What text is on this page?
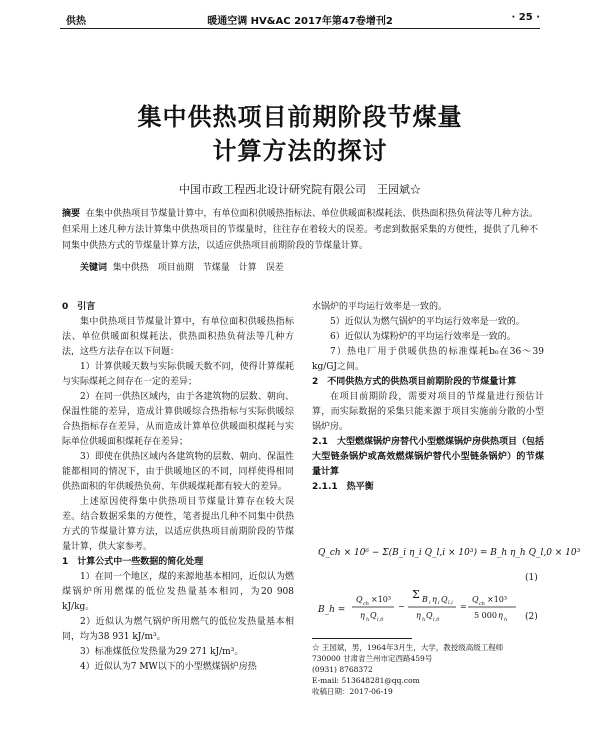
供热	暖通空调 HV&AC 2017年第47卷增刊2	· 25 ·
集中供热项目前期阶段节煤量
计算方法的探讨
中国市政工程西北设计研究院有限公司　王园斌☆
摘要 在集中供热项目节煤量计算中，有单位面积供暖热指标法、单位供暖面积煤耗法、供热面积热负荷法等几种方法。但采用上述几种方法计算集中供热项目的节煤量时，往往存在着较大的误差。考虑到数据采集的方便性，提供了几种不同集中供热方式的节煤量计算方法，以适应供热项目前期阶段的节煤量计算。
关键词 集中供热　项目前期　节煤量　计算　误差

0　引言

集中供热项目节煤量计算中，有单位面积供暖热指标法、单位供暖面积煤耗法、供热面积热负荷法等几种方法，这些方法存在以下问题：

1）计算供暖天数与实际供暖天数不同，使得计算煤耗与实际煤耗之间存在一定的差异；

2）在同一供热区域内，由于各建筑物的层数、朝向、保温性能的差异，造成计算供暖综合热指标与实际供暖综合热指标存在差异，从而造成计算单位供暖面积煤耗与实际单位供暖面积煤耗存在差异；

3）即使在供热区域内各建筑物的层数、朝向、保温性能都相同的情况下，由于供暖地区的不同，同样使得相同供热面积的年供暖热负荷、年供暖煤耗都有较大的差异。

上述原因使得集中供热项目节煤量计算存在较大误差。结合数据采集的方便性，笔者提出几种不同集中供热方式的节煤量计算方法，以适应供热项目前期阶段的节煤量计算，供大家参考。

1　计算公式中一些数据的简化处理

1）在同一个地区，煤的来源地基本相同，近似认为燃煤锅炉所用燃煤的低位发热量基本相同，为20 908 kJ/kg。

2）近似认为燃气锅炉所用燃气的低位发热量基本相同，均为38 931 kJ/m³。

3）标准煤低位发热量为29 271 kJ/m³。

4）近似认为7 MW以下的小型燃煤锅炉房热

水锅炉的平均运行效率是一致的。

5）近似认为燃气锅炉的平均运行效率是一致的。

6）近似认为煤粉炉的平均运行效率是一致的。

7）热电厂用于供暖供热的标准煤耗b₀在36～39 kg/GJ之间。

2　不同供热方式的供热项目前期阶段的节煤量计算

在项目前期阶段，需要对项目的节煤量进行预估计算，而实际数据的采集只能来源于项目实施前分散的小型锅炉房。

2.1　大型燃煤锅炉房替代小型燃煤锅炉房供热项目（包括大型链条锅炉或高效燃煤锅炉替代小型链条锅炉）的节煤量计算

2.1.1　热平衡

Q_ch × 10⁶ − Σ(B_i η_i Q_l,i × 10³) = B_h η_h Q_l,0 × 10³
(1)
B_h =
Q ch ×10³
η h Q l,0
−
Σ B i η i Q l,i
η h Q l,0
=
Q ch ×10³
5 000 η h (2)
☆ 王园斌，男，1964年3月生，大学，教授级高级工程师
730000 甘肃省兰州市定西路459号
(0931) 8768372
E-mail: 513648281@qq.com
收稿日期：2017-06-19
